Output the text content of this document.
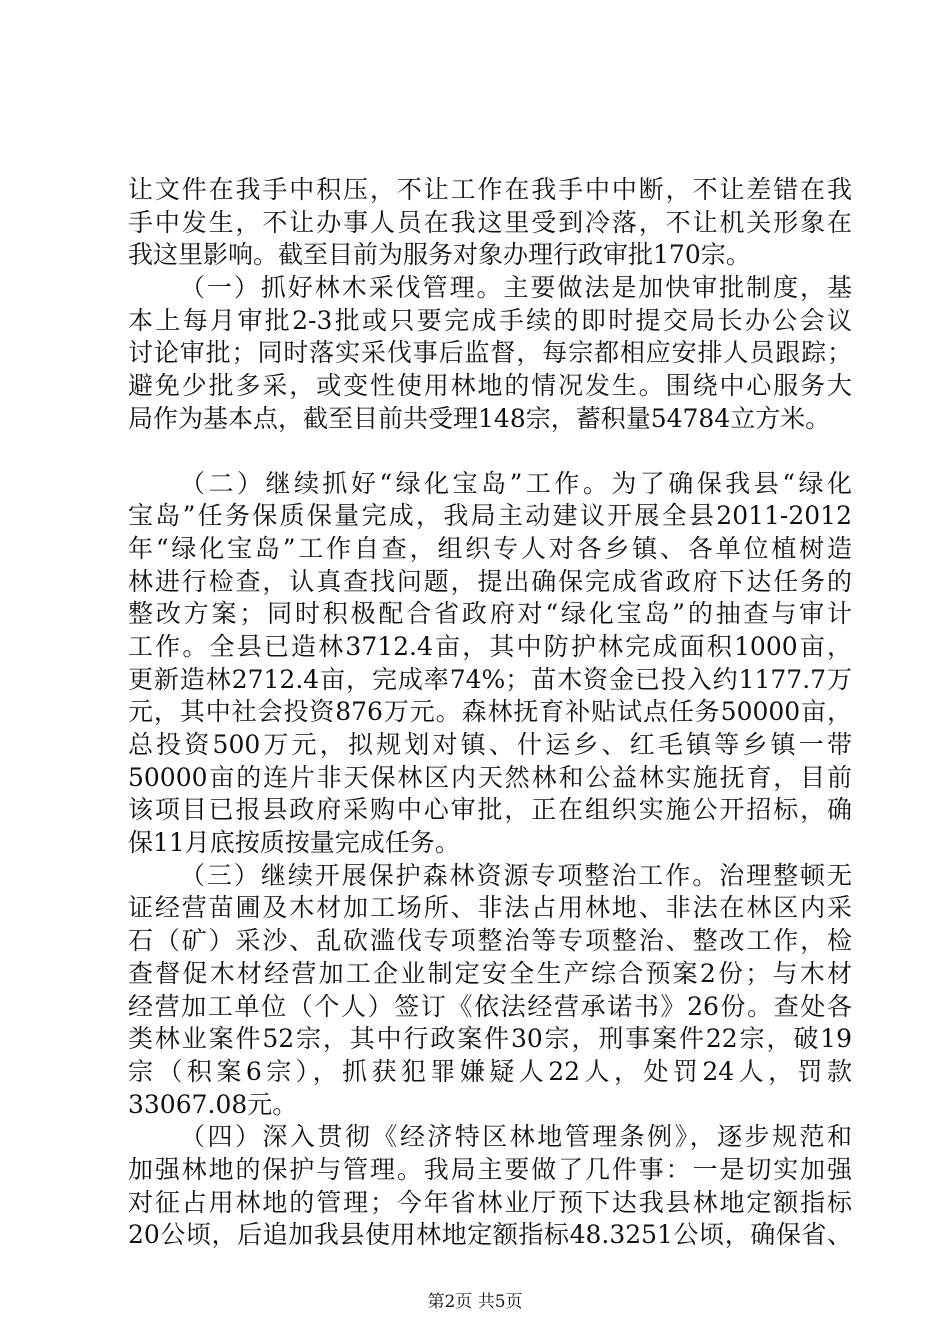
让文件在我手中积压，不让工作在我手中中断，不让差错在我
手中发生，不让办事人员在我这里受到冷落，不让机关形象在
我这里影响。截至目前为服务对象办理行政审批170宗。
（一）抓好林木采伐管理。主要做法是加快审批制度，基
本上每月审批2-3批或只要完成手续的即时提交局长办公会议
讨论审批；同时落实采伐事后监督，每宗都相应安排人员跟踪；
避免少批多采，或变性使用林地的情况发生。围绕中心服务大
局作为基本点，截至目前共受理148宗，蓄积量54784立方米。
（二）继续抓好“绿化宝岛”工作。为了确保我县“绿化
宝岛”任务保质保量完成，我局主动建议开展全县2011-2012
年“绿化宝岛”工作自查，组织专人对各乡镇、各单位植树造
林进行检查，认真查找问题，提出确保完成省政府下达任务的
整改方案；同时积极配合省政府对“绿化宝岛”的抽查与审计
工作。全县已造林3712.4亩，其中防护林完成面积1000亩，
更新造林2712.4亩，完成率74%；苗木资金已投入约1177.7万
元，其中社会投资876万元。森林抚育补贴试点任务50000亩，
总投资500万元，拟规划对镇、什运乡、红毛镇等乡镇一带
50000亩的连片非天保林区内天然林和公益林实施抚育，目前
该项目已报县政府采购中心审批，正在组织实施公开招标，确
保11月底按质按量完成任务。
（三）继续开展保护森林资源专项整治工作。治理整顿无
证经营苗圃及木材加工场所、非法占用林地、非法在林区内采
石（矿）采沙、乱砍滥伐专项整治等专项整治、整改工作，检
查督促木材经营加工企业制定安全生产综合预案2份；与木材
经营加工单位（个人）签订《依法经营承诺书》26份。查处各
类林业案件52宗，其中行政案件30宗，刑事案件22宗，破19
宗（积案6宗），抓获犯罪嫌疑人22人，处罚24人，罚款
33067.08元。
（四）深入贯彻《经济特区林地管理条例》，逐步规范和
加强林地的保护与管理。我局主要做了几件事：一是切实加强
对征占用林地的管理；今年省林业厅预下达我县林地定额指标
20公顷，后追加我县使用林地定额指标48.3251公顷，确保省、
第2页 共5页
